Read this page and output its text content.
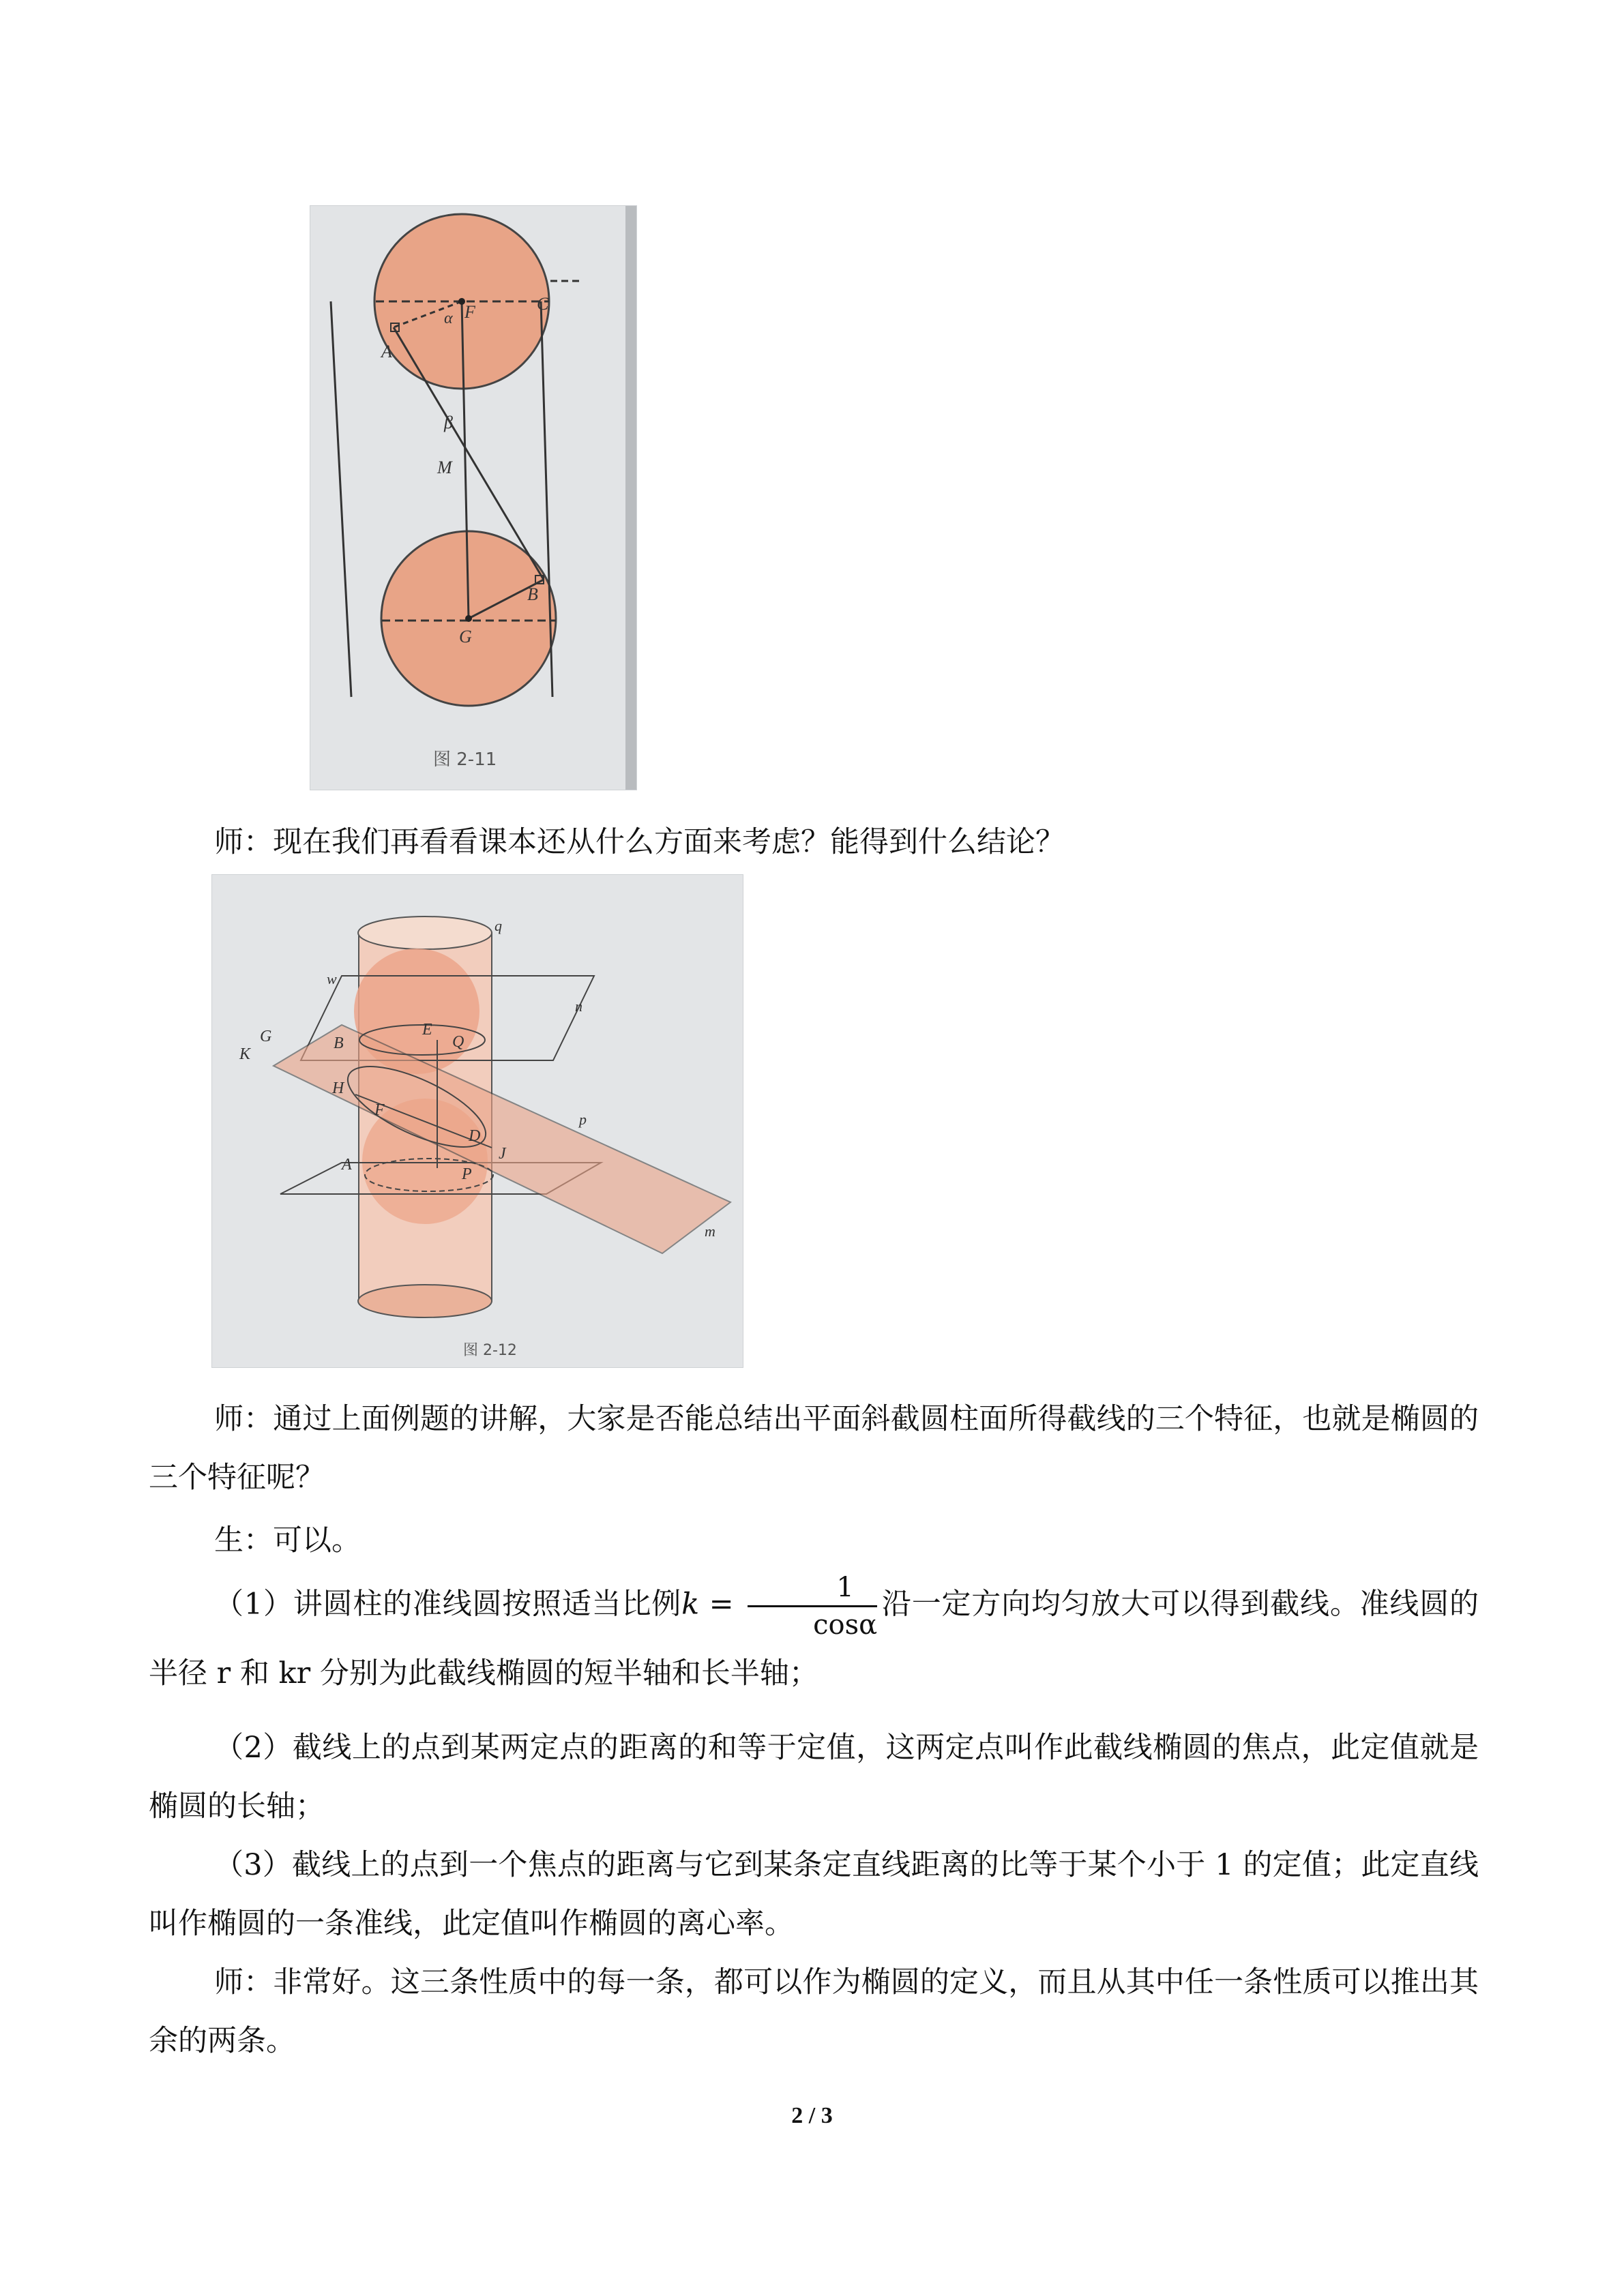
A
F	C
α
β
M
B
G
图 2-11

师：现在我们再看看课本还从什么方面来考虑？能得到什么结论？

q
w
n
E
G
K
B	Q
H
F
p
D
A
J
P
m
图 2-12

师：通过上面例题的讲解，大家是否能总结出平面斜截圆柱面所得截线的三个特征，也就是椭圆的三个特征呢？

生：可以。

（1）讲圆柱的准线圆按照适当比例$k = \frac{1}{\cos\alpha}$ 沿一定方向均匀放大可以得到截线。准线圆的半径 r 和 kr 分别为此截线椭圆的短半轴和长半轴；

（2）截线上的点到某两定点的距离的和等于定值，这两定点叫作此截线椭圆的焦点，此定值就是椭圆的长轴；

（3）截线上的点到一个焦点的距离与它到某条定直线距离的比等于某个小于 1 的定值；此定直线叫作椭圆的一条准线，此定值叫作椭圆的离心率。

师：非常好。这三条性质中的每一条，都可以作为椭圆的定义，而且从其中任一条性质可以推出其余的两条。

2 / 3
